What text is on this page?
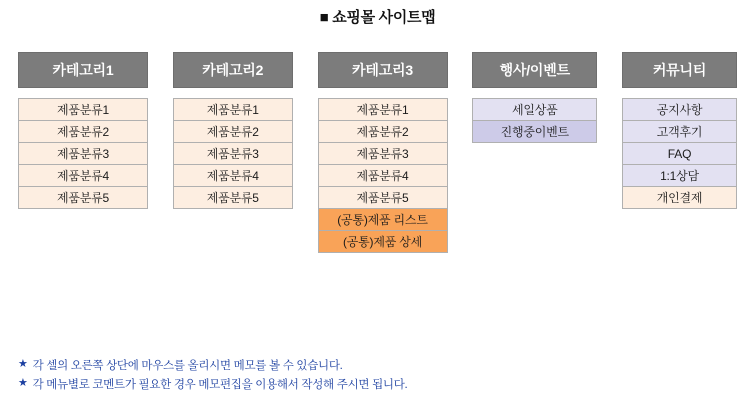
■ 쇼핑몰 사이트맵
카테고리1
제품분류1
제품분류2
제품분류3
제품분류4
제품분류5
카테고리2
제품분류1
제품분류2
제품분류3
제품분류4
제품분류5
카테고리3
제품분류1
제품분류2
제품분류3
제품분류4
제품분류5
(공통)제품 리스트
(공통)제품 상세
행사/이벤트
세일상품
진행중이벤트
커뮤니티
공지사항
고객후기
FAQ
1:1상담
개인결제
★ 각 셀의 오른쪽 상단에 마우스를 올리시면 메모를 볼 수 있습니다.
★ 각 메뉴별로 코멘트가 필요한 경우 메모편집을 이용해서 작성해 주시면 됩니다.
